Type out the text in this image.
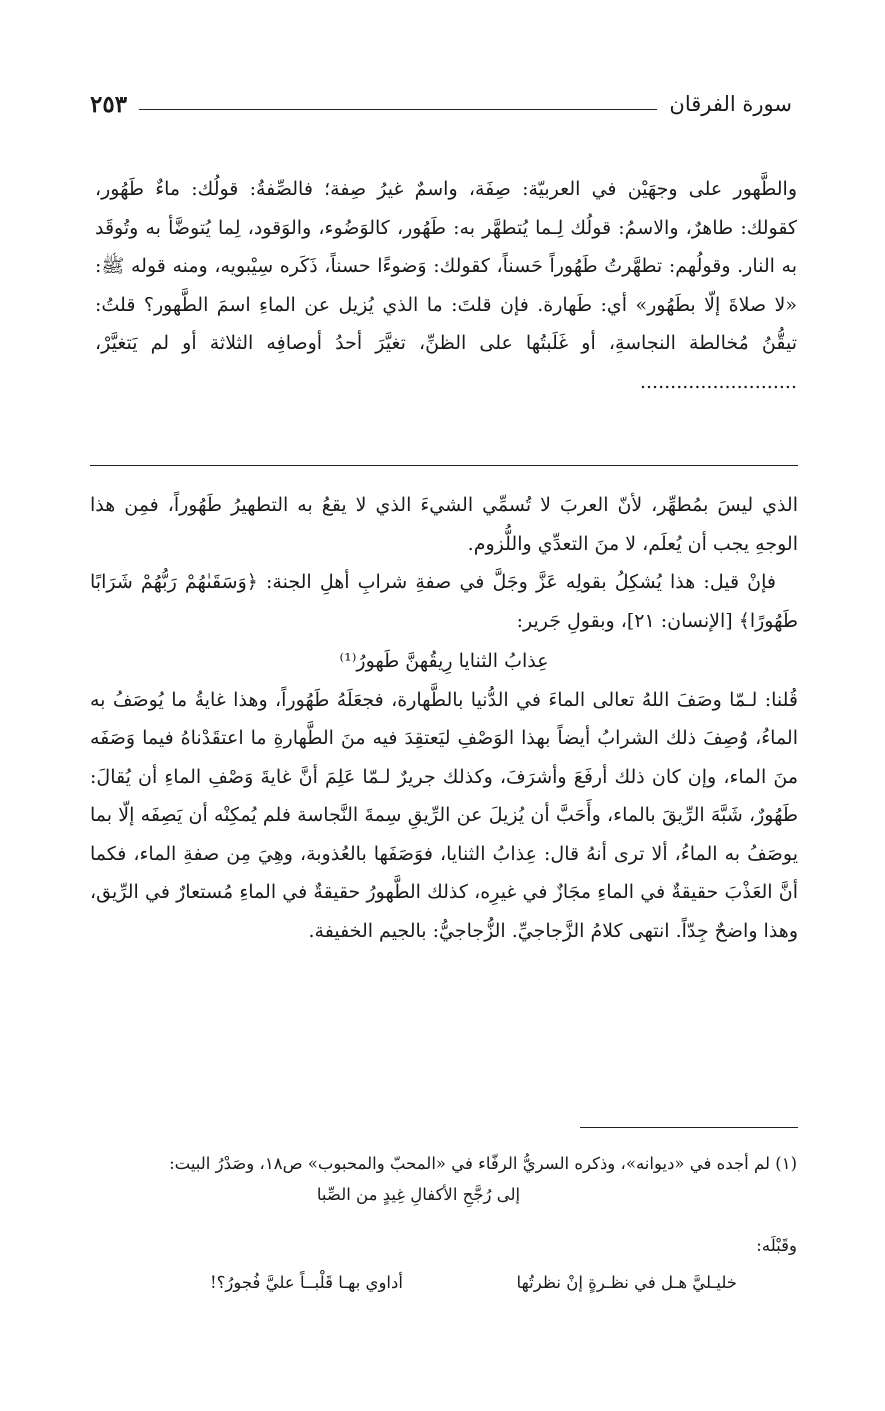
سورة الفرقان
٢٥٣

والطَّهور على وجهَيْن في العربيّة: صِفَة، واسمٌ غيرُ صِفة؛ فالصِّفةُ: قولُك: ماءٌ طَهُور، كقولك: طاهرٌ، والاسمُ: قولُك لِـما يُتطهَّر به: طَهُور، كالوَضُوء، والوَقود، لِما يُتوضَّأ به وتُوقَد به النار. وقولُهم: تطهَّرتُ طَهُوراً حَسناً، كقولك: وَضوءًا حسناً، ذَكَره سِيْبويه، ومنه قوله ﷺ: «لا صلاةَ إلّا بطَهُور» أي: طَهارة. فإن قلتَ: ما الذي يُزيل عن الماءِ اسمَ الطَّهور؟ قلتُ: تيقُّنُ مُخالطة النجاسةِ، أو غَلَبتُها على الظنِّ، تغيَّرَ أحدُ أوصافِه الثلاثة أو لم يَتغيَّرْ، ..........................

الذي ليسَ بمُطهِّر، لأنّ العربَ لا تُسمِّي الشيءَ الذي لا يقعُ به التطهيرُ طَهُوراً، فمِن هذا الوجهِ يجب أن يُعلَم، لا منَ التعدِّي واللُّزوم.

فإنْ قيل: هذا يُشكِلُ بقولِه عَزَّ وجَلَّ في صفةِ شرابِ أهلِ الجنة: ﴿وَسَقَىٰهُمْ رَبُّهُمْ شَرَابًا طَهُورًا﴾ [الإنسان: ٢١]، وبقولِ جَرير:

عِذابُ الثنايا رِيقُهنَّ طَهورُ⁽¹⁾

قُلنا: لـمّا وصَفَ اللهُ تعالى الماءَ في الدُّنيا بالطَّهارة، فجعَلَهُ طَهُوراً، وهذا غايةُ ما يُوصَفُ به الماءُ، وُصِفَ ذلك الشرابُ أيضاً بهذا الوَصْفِ ليَعتقِدَ فيه منَ الطَّهارةِ ما اعتقَدْناهُ فيما وَصَفَه منَ الماء، وإن كان ذلك أرفَعَ وأشرَفَ، وكذلك جريرٌ لـمّا عَلِمَ أنَّ غايةَ وَصْفِ الماءِ أن يُقالَ: طَهُورٌ، شَبَّهَ الرِّيقَ بالماء، وأَحَبَّ أن يُزيلَ عن الرِّيقِ سِمةَ النَّجاسة فلم يُمكِنْه أن يَصِفَه إلّا بما يوصَفُ به الماءُ، ألا ترى أنهُ قال: عِذابُ الثنايا، فوَصَفَها بالعُذوبة، وهِيَ مِن صفةِ الماء، فكما أنَّ العَذْبَ حقيقةٌ في الماءِ مجَازٌ في غيرِه، كذلك الطَّهورُ حقيقةٌ في الماءِ مُستعارٌ في الرِّيق، وهذا واضحٌ جِدّاً. انتهى كلامُ الزَّجاجيِّ. الزُّجاجيُّ: بالجيم الخفيفة.

(١) لم أجده في «ديوانه»، وذكره السريُّ الرفّاء في «المحبّ والمحبوب» ص١٨، وصَدْرُ البيت:

إلى رُجَّحِ الأكفالِ غِيدٍ من الصِّبا

وقَبْلَه:

خليـليَّ هـل في نظـرةٍ إنْ نظرتُها
أداوي بهـا قَلْبــاً عليَّ فُجورُ؟!
